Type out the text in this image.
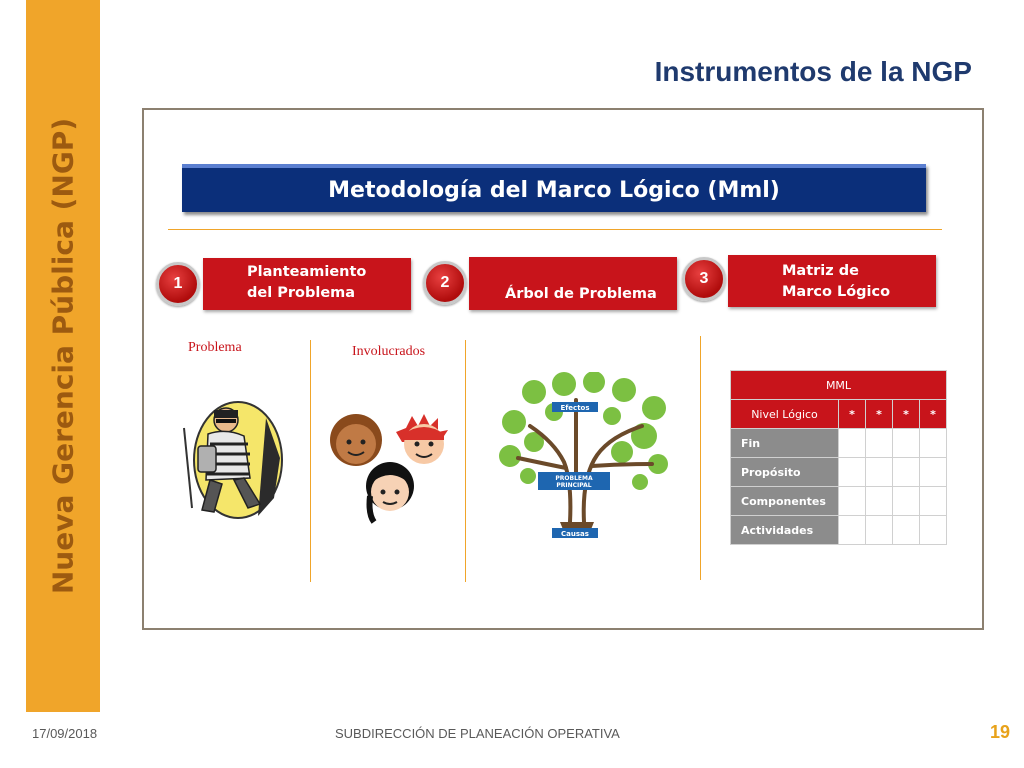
Nueva Gerencia Pública (NGP)
Instrumentos de la NGP
Metodología del Marco Lógico (Mml)
Planteamiento del Problema
1
Árbol de Problema
2
Matriz de Marco Lógico
3
Problema	Involucrados
Efectos
PROBLEMA
PRINCIPAL
Causas
MML				
Nivel Lógico	*	*	*	*
Fin				
Propósito				
Componentes				
Actividades				
17/09/2018	SUBDIRECCIÓN DE PLANEACIÓN OPERATIVA	19
